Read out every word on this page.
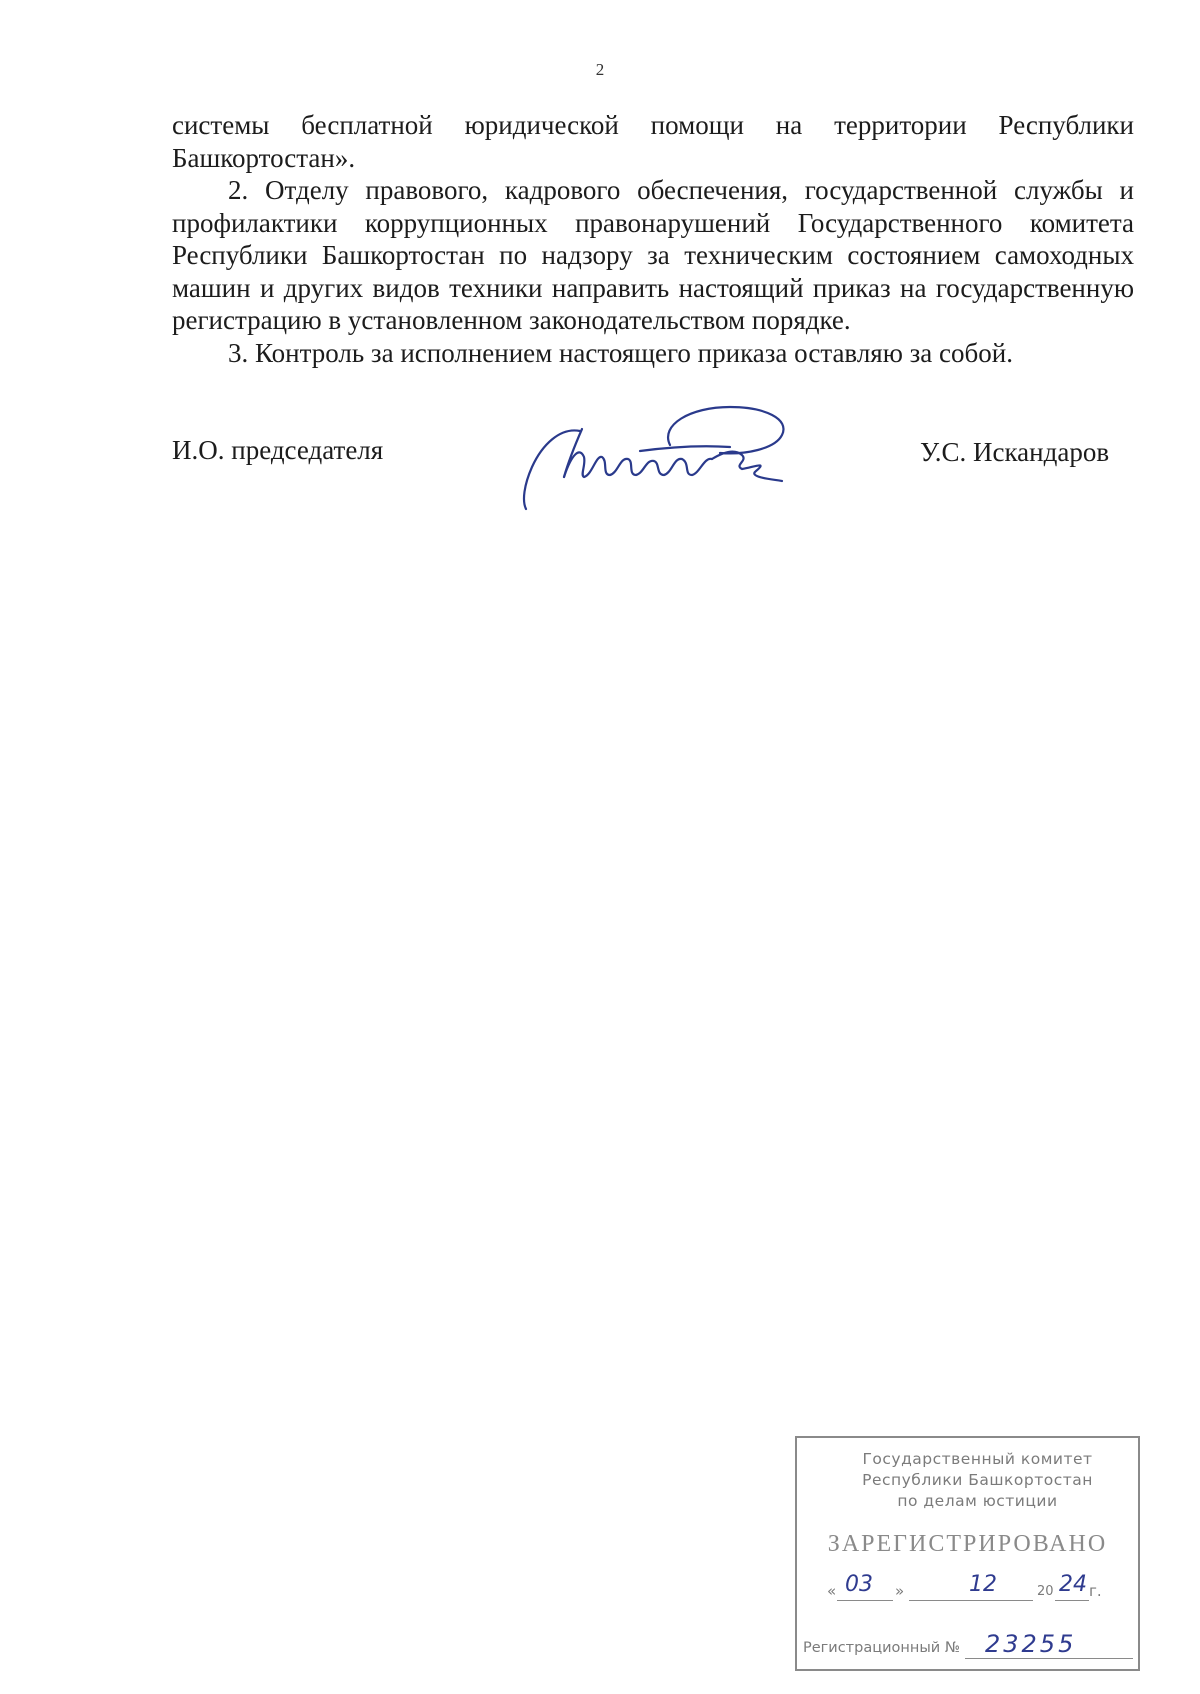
2

системы бесплатной юридической помощи на территории Республики Башкортостан».

2. Отделу правового, кадрового обеспечения, государственной службы и профилактики коррупционных правонарушений Государственного комитета Республики Башкортостан по надзору за техническим состоянием самоходных машин и других видов техники направить настоящий приказ на государственную регистрацию в установленном законодательством порядке.

3. Контроль за исполнением настоящего приказа оставляю за собой.

И.О. председателя	У.С. Искандаров
Государственный комитет
Республики Башкортостан
по делам юстиции
ЗАРЕГИСТРИРОВАНО
« 03 »	12	20 24 г.
Регистрационный № 23255
